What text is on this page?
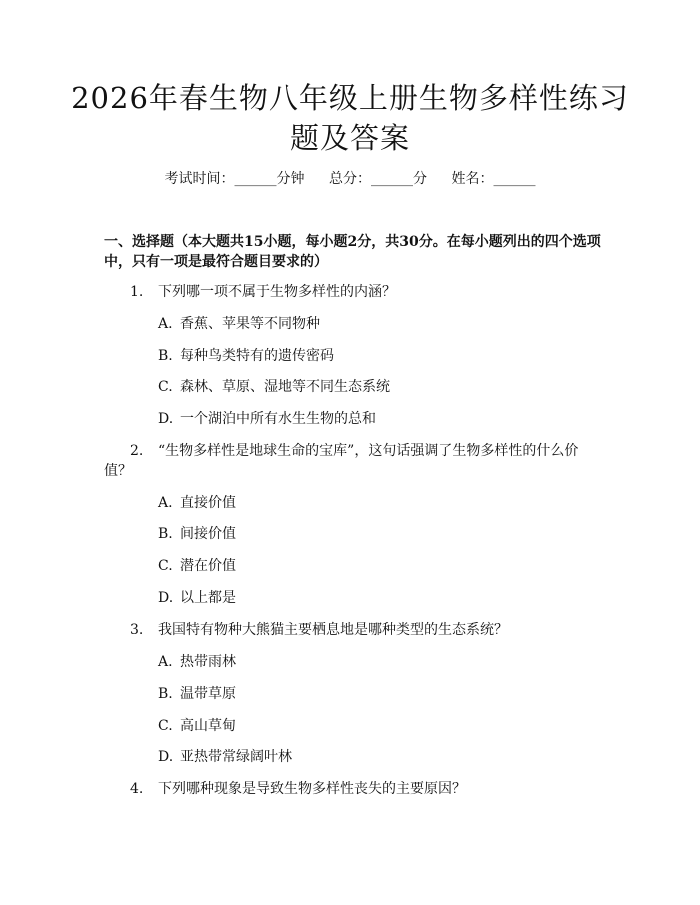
2026年春生物八年级上册生物多样性练习题及答案
考试时间：______分钟 总分：______分 姓名：______

一、选择题（本大题共15小题，每小题2分，共30分。在每小题列出的四个选项中，只有一项是最符合题目要求的）

1.	下列哪一项不属于生物多样性的内涵？

A. 香蕉、苹果等不同物种
B. 每种鸟类特有的遗传密码
C. 森林、草原、湿地等不同生态系统
D. 一个湖泊中所有水生生物的总和

2.	“生物多样性是地球生命的宝库”，这句话强调了生物多样性的什么价值？

A. 直接价值
B. 间接价值
C. 潜在价值
D. 以上都是

3.	我国特有物种大熊猫主要栖息地是哪种类型的生态系统？

A. 热带雨林
B. 温带草原
C. 高山草甸
D. 亚热带常绿阔叶林

4.	下列哪种现象是导致生物多样性丧失的主要原因？
